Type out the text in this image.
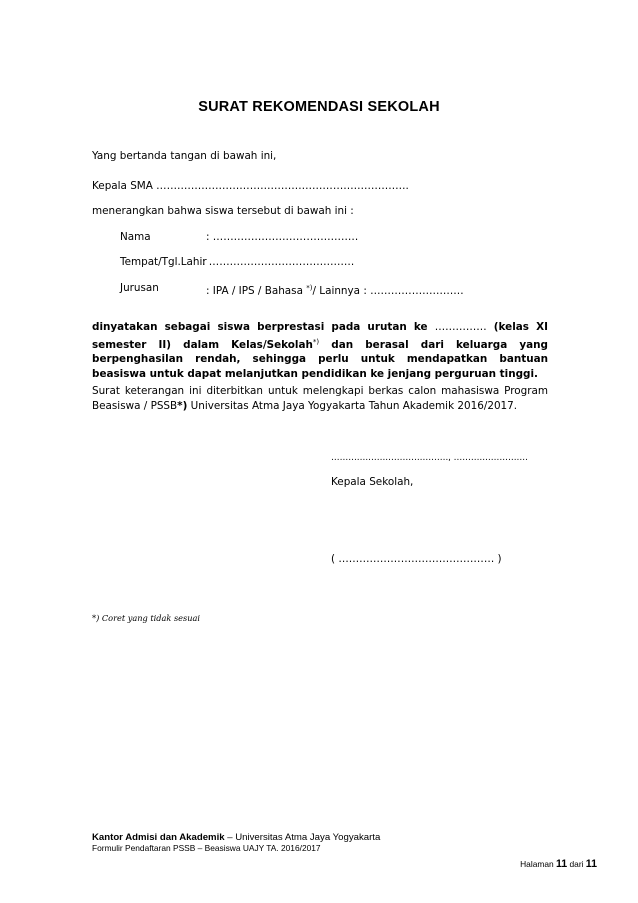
SURAT REKOMENDASI SEKOLAH
Yang bertanda tangan di bawah ini,
Kepala SMA ……………………………………………………………….
menerangkan bahwa siswa tersebut di bawah ini :
Nama	: ……………………………………
Tempat/Tgl.Lahir
: ……………………………………
Jurusan	: IPA / IPS / Bahasa *)/ Lainnya : ………………………
dinyatakan sebagai siswa berprestasi pada urutan ke …………… (kelas XI semester II) dalam Kelas/Sekolah*) dan berasal dari keluarga yang berpenghasilan rendah, sehingga perlu untuk mendapatkan bantuan beasiswa untuk dapat melanjutkan pendidikan ke jenjang perguruan tinggi.
Surat keterangan ini diterbitkan untuk melengkapi berkas calon mahasiswa Program Beasiswa / PSSB*) Universitas Atma Jaya Yogyakarta Tahun Akademik 2016/2017.
………….………………………., ………….………….
Kepala Sekolah,
( ……………………………………… )
*) Coret yang tidak sesuai
Kantor Admisi dan Akademik – Universitas Atma Jaya Yogyakarta
Formulir Pendaftaran PSSB – Beasiswa UAJY TA. 2016/2017
Halaman 11 dari 11
